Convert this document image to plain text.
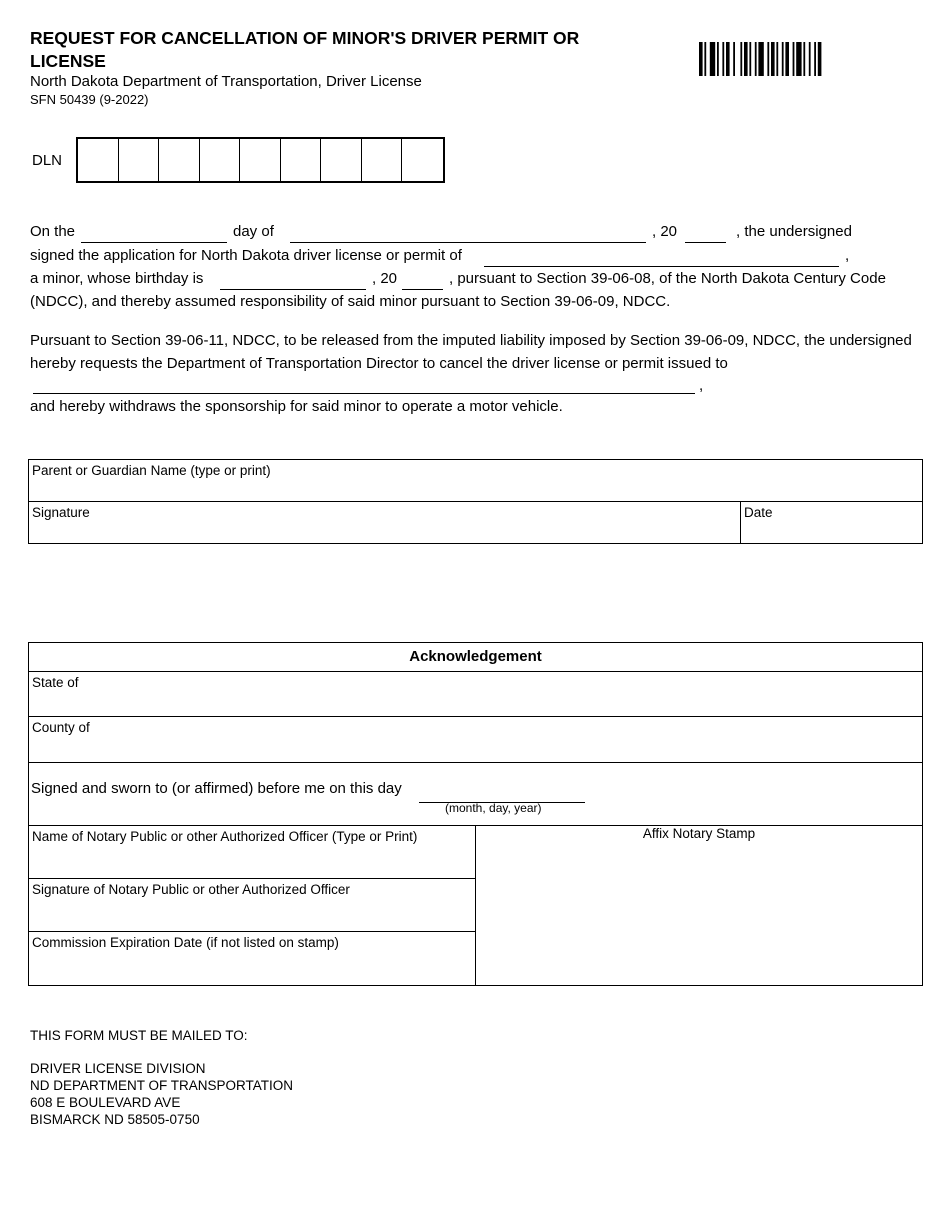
REQUEST FOR CANCELLATION OF MINOR'S DRIVER PERMIT OR LICENSE
North Dakota Department of Transportation, Driver License
SFN 50439 (9-2022)
DLN
On the	day of	, 20	, the undersigned
signed the application for North Dakota driver license or permit of	,
a minor, whose birthday is	, 20	, pursuant to Section 39-06-08, of the North Dakota Century Code
(NDCC), and thereby assumed responsibility of said minor pursuant to Section 39-06-09, NDCC.
Pursuant to Section 39-06-11, NDCC, to be released from the imputed liability imposed by Section 39-06-09, NDCC, the undersigned hereby requests the Department of Transportation Director to cancel the driver license or permit issued to
,
and hereby withdraws the sponsorship for said minor to operate a motor vehicle.
Parent or Guardian Name (type or print)
Signature	Date
Acknowledgement
State of
County of
Signed and sworn to (or affirmed) before me on this day
(month, day, year)
Name of Notary Public or other Authorized Officer (Type or Print)
Signature of Notary Public or other Authorized Officer
Commission Expiration Date (if not listed on stamp)
Affix Notary Stamp
THIS FORM MUST BE MAILED TO:
DRIVER LICENSE DIVISION
ND DEPARTMENT OF TRANSPORTATION
608 E BOULEVARD AVE
BISMARCK ND 58505-0750
